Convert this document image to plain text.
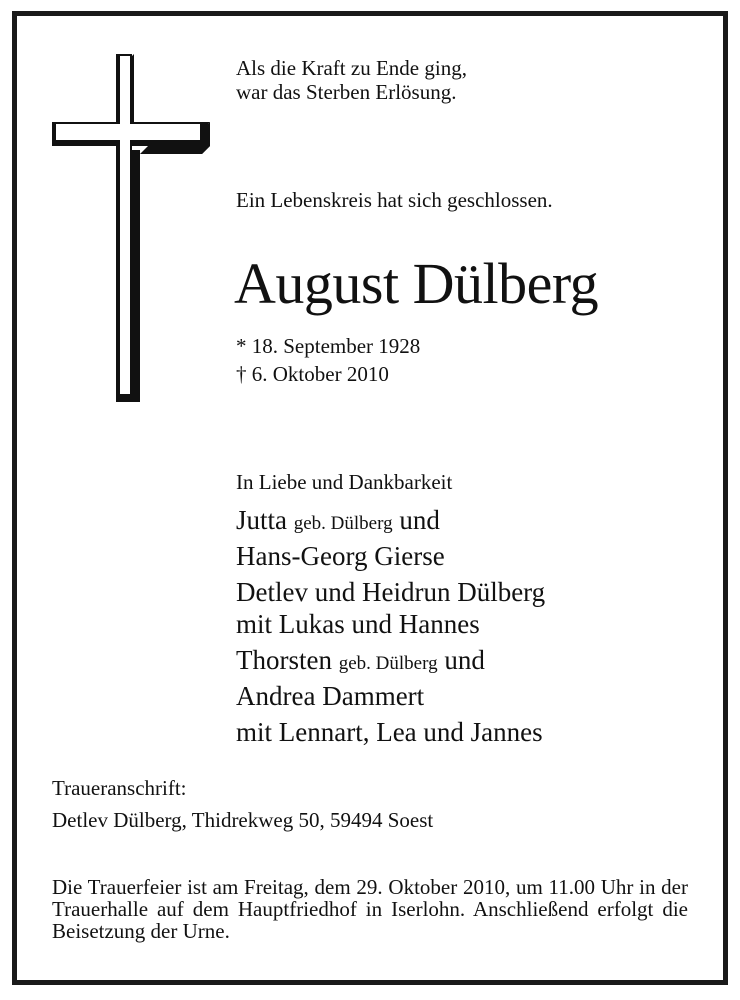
Als die Kraft zu Ende ging,
war das Sterben Erlösung.
Ein Lebenskreis hat sich geschlossen.
August Dülberg
* 18. September 1928
† 6. Oktober 2010
In Liebe und Dankbarkeit
Jutta geb. Dülberg und
Hans-Georg Gierse
Detlev und Heidrun Dülberg
mit Lukas und Hannes
Thorsten geb. Dülberg und
Andrea Dammert
mit Lennart, Lea und Jannes
Traueranschrift:
Detlev Dülberg, Thidrekweg 50, 59494 Soest
Die Trauerfeier ist am Freitag, dem 29. Oktober 2010, um 11.00 Uhr in der Trauerhalle auf dem Hauptfriedhof in Iserlohn. Anschließend erfolgt die Beisetzung der Urne.
